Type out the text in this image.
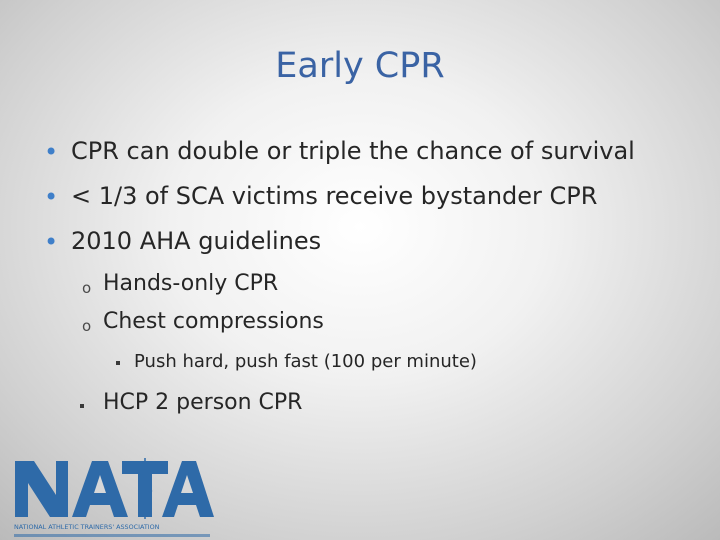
Early CPR
• CPR can double or triple the chance of survival
• < 1/3 of SCA victims receive bystander CPR
• 2010 AHA guidelines
o Hands-only CPR
o Chest compressions
Push hard, push fast (100 per minute)
HCP 2 person CPR
NATIONAL ATHLETIC TRAINERS' ASSOCIATION
